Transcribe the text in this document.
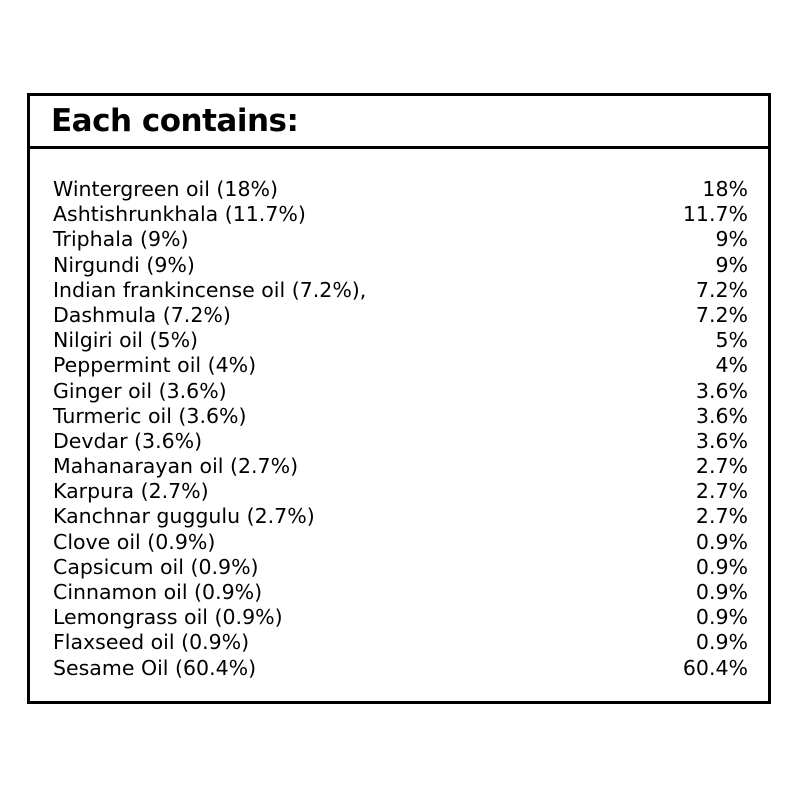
Each contains:
Wintergreen oil (18%)	18%
Ashtishrunkhala (11.7%)	11.7%
Triphala (9%)	9%
Nirgundi (9%)	9%
Indian frankincense oil (7.2%),	7.2%
Dashmula (7.2%)	7.2%
Nilgiri oil (5%)	5%
Peppermint oil (4%)	4%
Ginger oil (3.6%)	3.6%
Turmeric oil (3.6%)	3.6%
Devdar (3.6%)	3.6%
Mahanarayan oil (2.7%)	2.7%
Karpura (2.7%)	2.7%
Kanchnar guggulu (2.7%)	2.7%
Clove oil (0.9%)	0.9%
Capsicum oil (0.9%)	0.9%
Cinnamon oil (0.9%)	0.9%
Lemongrass oil (0.9%)	0.9%
Flaxseed oil (0.9%)	0.9%
Sesame Oil (60.4%)	60.4%
